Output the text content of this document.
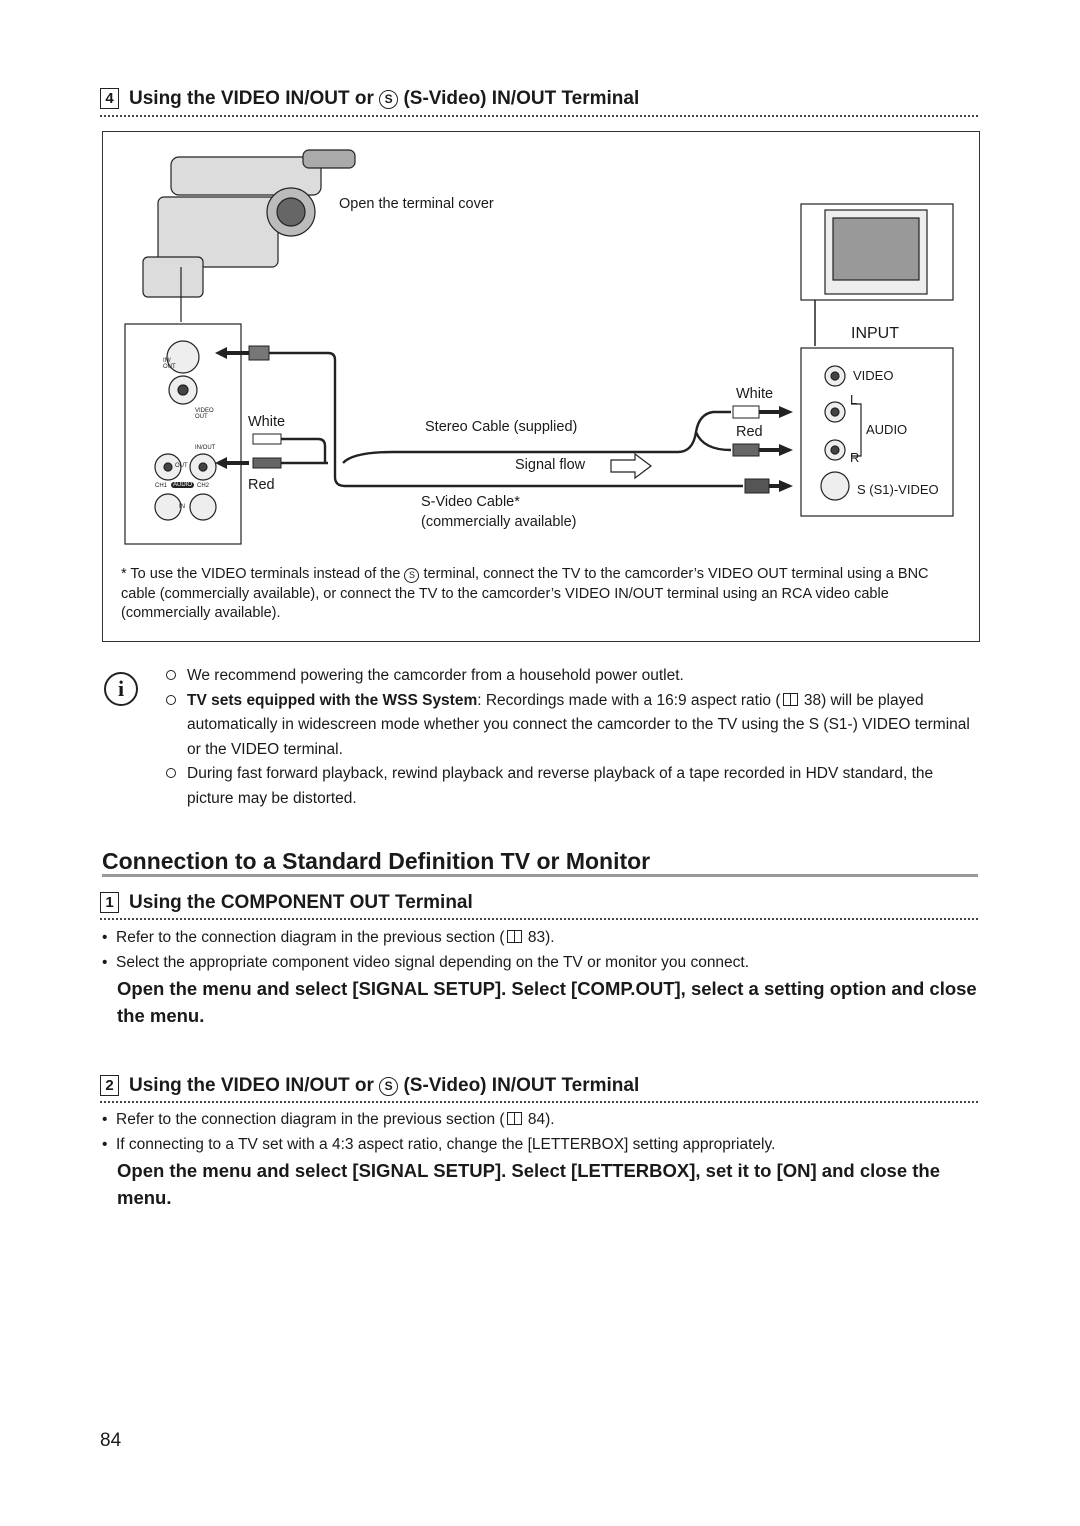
4 Using the VIDEO IN/OUT or S (S-Video) IN/OUT Terminal
Open the terminal cover
INPUT
VIDEO
White
Red
White
Red
Stereo Cable (supplied)
Signal flow
S-Video Cable*
(commercially available)
L
AUDIO
R
S (S1)-VIDEO
IN/ OUT
VIDEO OUT
IN/OUT
OUT
CH1 AUDIO CH2
IN
* To use the VIDEO terminals instead of the S terminal, connect the TV to the camcorder’s VIDEO OUT terminal using a BNC cable (commercially available), or connect the TV to the camcorder’s VIDEO IN/OUT terminal using an RCA video cable (commercially available).
i
We recommend powering the camcorder from a household power outlet.
TV sets equipped with the WSS System: Recordings made with a 16:9 aspect ratio ( 38) will be played automatically in widescreen mode whether you connect the camcorder to the TV using the S (S1-) VIDEO terminal or the VIDEO terminal.
During fast forward playback, rewind playback and reverse playback of a tape recorded in HDV standard, the picture may be distorted.
Connection to a Standard Definition TV or Monitor
1 Using the COMPONENT OUT Terminal
• Refer to the connection diagram in the previous section ( 83).
• Select the appropriate component video signal depending on the TV or monitor you connect.
Open the menu and select [SIGNAL SETUP]. Select [COMP.OUT], select a setting option and close the menu.
2 Using the VIDEO IN/OUT or S (S-Video) IN/OUT Terminal
• Refer to the connection diagram in the previous section ( 84).
• If connecting to a TV set with a 4:3 aspect ratio, change the [LETTERBOX] setting appropriately.
Open the menu and select [SIGNAL SETUP]. Select [LETTERBOX], set it to [ON] and close the menu.
84
